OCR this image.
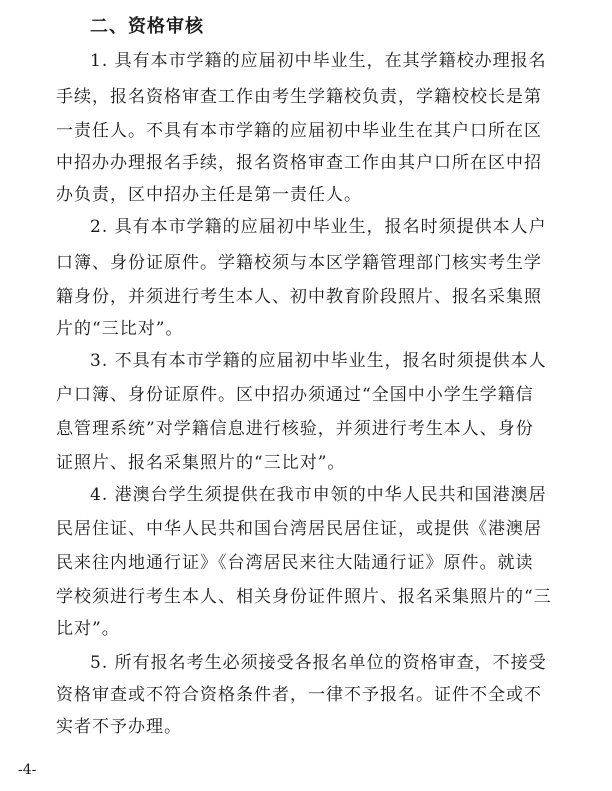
二、资格审核
1. 具有本市学籍的应届初中毕业生，在其学籍校办理报名
手续，报名资格审查工作由考生学籍校负责，学籍校校长是第
一责任人。不具有本市学籍的应届初中毕业生在其户口所在区
中招办办理报名手续，报名资格审查工作由其户口所在区中招
办负责，区中招办主任是第一责任人。
2. 具有本市学籍的应届初中毕业生，报名时须提供本人户
口簿、身份证原件。学籍校须与本区学籍管理部门核实考生学
籍身份，并须进行考生本人、初中教育阶段照片、报名采集照
片的“三比对”。
3. 不具有本市学籍的应届初中毕业生，报名时须提供本人
户口簿、身份证原件。区中招办须通过“全国中小学生学籍信
息管理系统”对学籍信息进行核验，并须进行考生本人、身份
证照片、报名采集照片的“三比对”。
4. 港澳台学生须提供在我市申领的中华人民共和国港澳居
民居住证、中华人民共和国台湾居民居住证，或提供《港澳居
民来往内地通行证》《台湾居民来往大陆通行证》原件。就读
学校须进行考生本人、相关身份证件照片、报名采集照片的“三
比对”。
5. 所有报名考生必须接受各报名单位的资格审查，不接受
资格审查或不符合资格条件者，一律不予报名。证件不全或不
实者不予办理。
-4-
